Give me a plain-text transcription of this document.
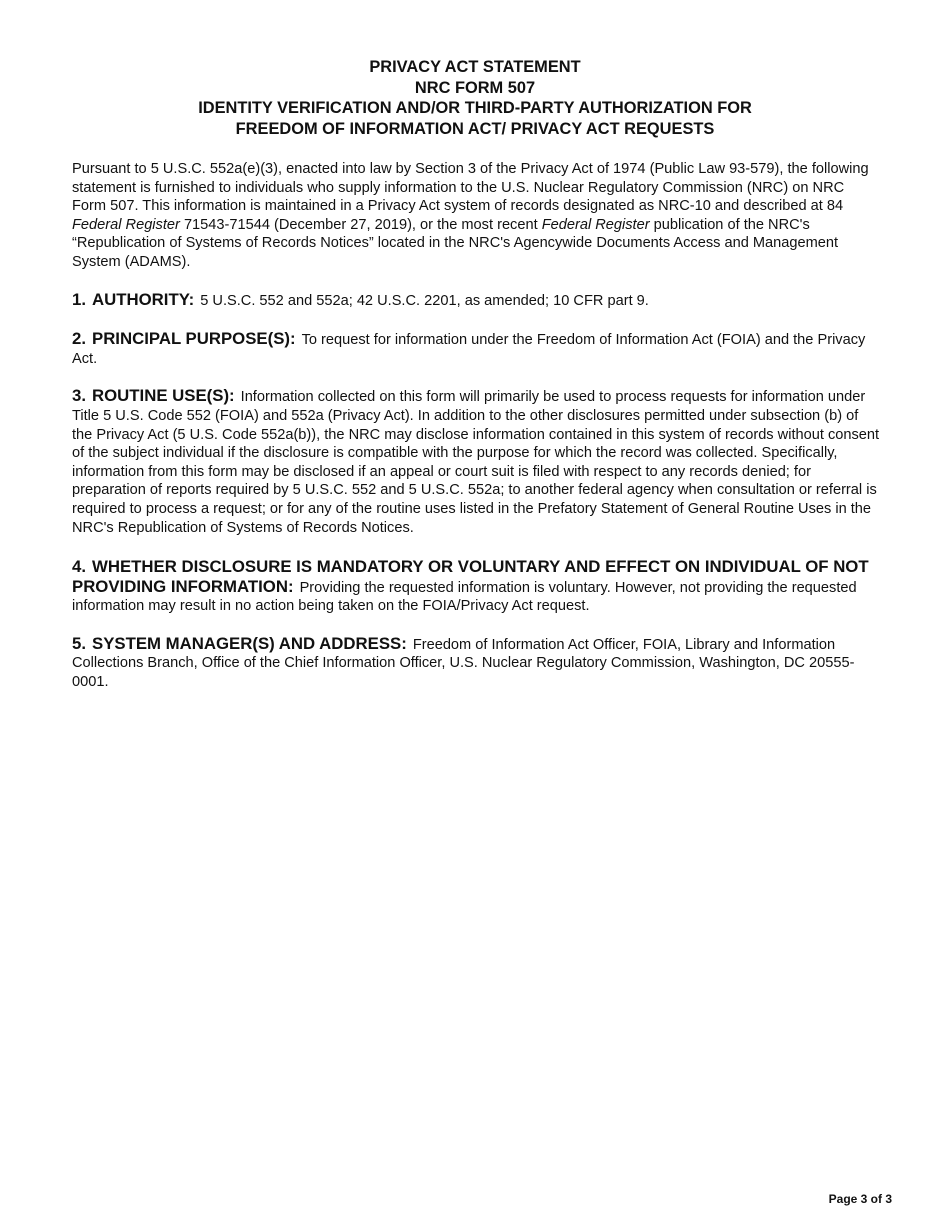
PRIVACY ACT STATEMENT
NRC FORM 507
IDENTITY VERIFICATION AND/OR THIRD-PARTY AUTHORIZATION FOR
FREEDOM OF INFORMATION ACT/ PRIVACY ACT REQUESTS

Pursuant to 5 U.S.C. 552a(e)(3), enacted into law by Section 3 of the Privacy Act of 1974 (Public Law 93-579), the following statement is furnished to individuals who supply information to the U.S. Nuclear Regulatory Commission (NRC) on NRC Form 507. This information is maintained in a Privacy Act system of records designated as NRC-10 and described at 84 Federal Register 71543-71544 (December 27, 2019), or the most recent Federal Register publication of the NRC's “Republication of Systems of Records Notices” located in the NRC's Agencywide Documents Access and Management System (ADAMS).

1. AUTHORITY: 5 U.S.C. 552 and 552a; 42 U.S.C. 2201, as amended; 10 CFR part 9.

2. PRINCIPAL PURPOSE(S): To request for information under the Freedom of Information Act (FOIA) and the Privacy Act.

3. ROUTINE USE(S): Information collected on this form will primarily be used to process requests for information under Title 5 U.S. Code 552 (FOIA) and 552a (Privacy Act). In addition to the other disclosures permitted under subsection (b) of the Privacy Act (5 U.S. Code 552a(b)), the NRC may disclose information contained in this system of records without consent of the subject individual if the disclosure is compatible with the purpose for which the record was collected. Specifically, information from this form may be disclosed if an appeal or court suit is filed with respect to any records denied; for preparation of reports required by 5 U.S.C. 552 and 5 U.S.C. 552a; to another federal agency when consultation or referral is required to process a request; or for any of the routine uses listed in the Prefatory Statement of General Routine Uses in the NRC's Republication of Systems of Records Notices.

4. WHETHER DISCLOSURE IS MANDATORY OR VOLUNTARY AND EFFECT ON INDIVIDUAL OF NOT PROVIDING INFORMATION: Providing the requested information is voluntary. However, not providing the requested information may result in no action being taken on the FOIA/Privacy Act request.

5. SYSTEM MANAGER(S) AND ADDRESS: Freedom of Information Act Officer, FOIA, Library and Information Collections Branch, Office of the Chief Information Officer, U.S. Nuclear Regulatory Commission, Washington, DC 20555-0001.

Page 3 of 3
